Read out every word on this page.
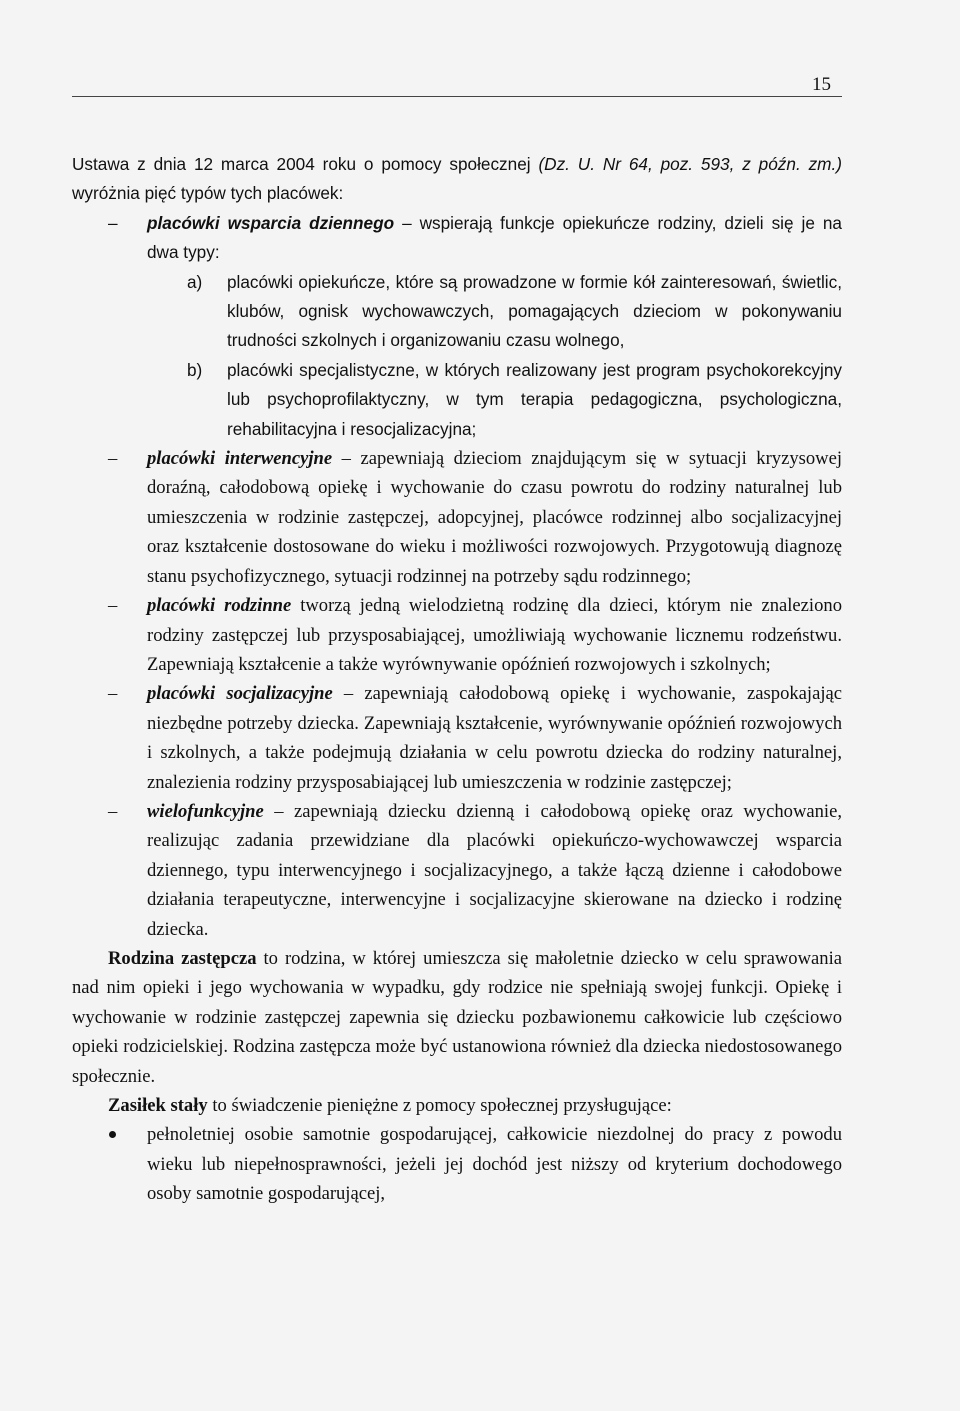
15

Ustawa z dnia 12 marca 2004 roku o pomocy społecznej (Dz. U. Nr 64, poz. 593, z późn. zm.) wyróżnia pięć typów tych placówek:

– placówki wsparcia dziennego – wspierają funkcje opiekuńcze rodziny, dzieli się je na dwa typy:
a) placówki opiekuńcze, które są prowadzone w formie kół zainteresowań, świetlic, klubów, ognisk wychowawczych, pomagających dzieciom w pokonywaniu trudności szkolnych i organizowaniu czasu wolnego,
b) placówki specjalistyczne, w których realizowany jest program psychokorekcyjny lub psychoprofilaktyczny, w tym terapia pedagogiczna, psychologiczna, rehabilitacyjna i resocjalizacyjna;
– placówki interwencyjne – zapewniają dzieciom znajdującym się w sytuacji kryzysowej doraźną, całodobową opiekę i wychowanie do czasu powrotu do rodziny naturalnej lub umieszczenia w rodzinie zastępczej, adopcyjnej, placówce rodzinnej albo socjalizacyjnej oraz kształcenie dostosowane do wieku i możliwości rozwojowych. Przygotowują diagnozę stanu psychofizycznego, sytuacji rodzinnej na potrzeby sądu rodzinnego;
– placówki rodzinne tworzą jedną wielodzietną rodzinę dla dzieci, którym nie znaleziono rodziny zastępczej lub przysposabiającej, umożliwiają wychowanie licznemu rodzeństwu. Zapewniają kształcenie a także wyrównywanie opóźnień rozwojowych i szkolnych;
– placówki socjalizacyjne – zapewniają całodobową opiekę i wychowanie, zaspokajając niezbędne potrzeby dziecka. Zapewniają kształcenie, wyrównywanie opóźnień rozwojowych i szkolnych, a także podejmują działania w celu powrotu dziecka do rodziny naturalnej, znalezienia rodziny przysposabiającej lub umieszczenia w rodzinie zastępczej;
– wielofunkcyjne – zapewniają dziecku dzienną i całodobową opiekę oraz wychowanie, realizując zadania przewidziane dla placówki opiekuńczo-wychowawczej wsparcia dziennego, typu interwencyjnego i socjalizacyjnego, a także łączą dzienne i całodobowe działania terapeutyczne, interwencyjne i socjalizacyjne skierowane na dziecko i rodzinę dziecka.

Rodzina zastępcza to rodzina, w której umieszcza się małoletnie dziecko w celu sprawowania nad nim opieki i jego wychowania w wypadku, gdy rodzice nie spełniają swojej funkcji. Opiekę i wychowanie w rodzinie zastępczej zapewnia się dziecku pozbawionemu całkowicie lub częściowo opieki rodzicielskiej. Rodzina zastępcza może być ustanowiona również dla dziecka niedostosowanego społecznie.

Zasiłek stały to świadczenie pieniężne z pomocy społecznej przysługujące:

pełnoletniej osobie samotnie gospodarującej, całkowicie niezdolnej do pracy z powodu wieku lub niepełnosprawności, jeżeli jej dochód jest niższy od kryterium dochodowego osoby samotnie gospodarującej,
